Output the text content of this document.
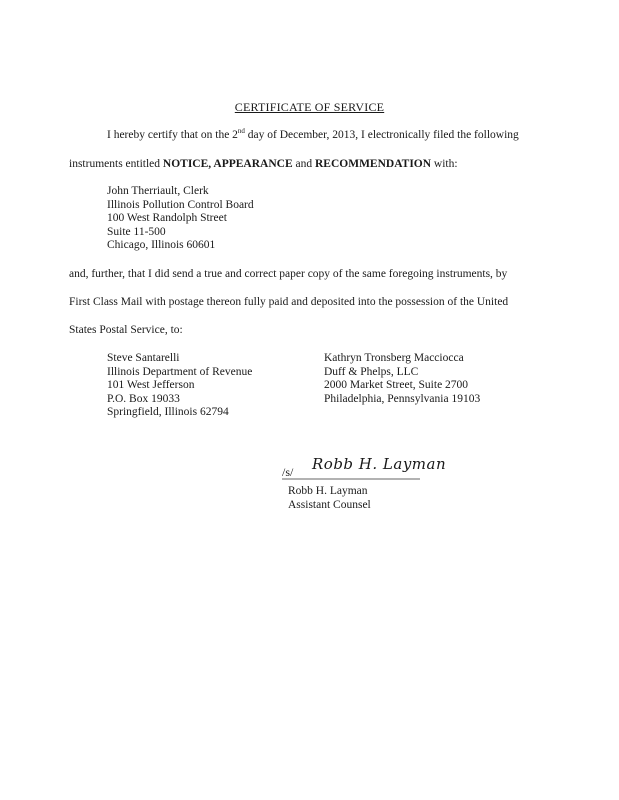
CERTIFICATE OF SERVICE
I hereby certify that on the 2nd day of December, 2013, I electronically filed the following
instruments entitled NOTICE, APPEARANCE and RECOMMENDATION with:
John Therriault, Clerk
Illinois Pollution Control Board
100 West Randolph Street
Suite 11-500
Chicago, Illinois 60601
and, further, that I did send a true and correct paper copy of the same foregoing instruments, by
First Class Mail with postage thereon fully paid and deposited into the possession of the United
States Postal Service, to:
Steve Santarelli
Illinois Department of Revenue
101 West Jefferson
P.O. Box 19033
Springfield, Illinois 62794
Kathryn Tronsberg Macciocca
Duff & Phelps, LLC
2000 Market Street, Suite 2700
Philadelphia, Pennsylvania 19103
/s/ Robb H. Layman
Robb H. Layman
Assistant Counsel
